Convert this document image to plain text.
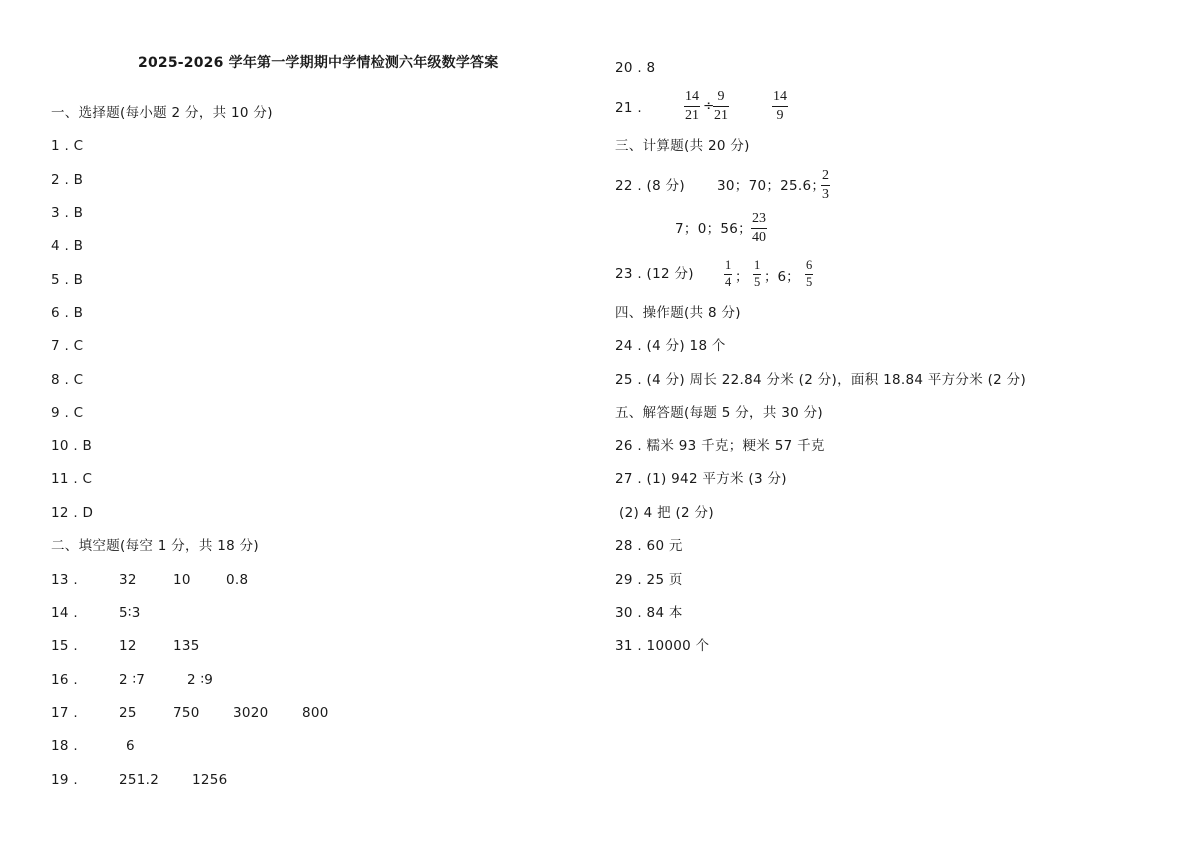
2025-2026 学年第一学期期中学情检测六年级数学答案
一、选择题(每小题 2 分，共 10 分)
1 . C
2 . B
3 . B
4 . B
5 . B
6 . B
7 . C
8 . C
9 . C
10 . B
11 . C
12 . D
二、填空题(每空 1 分，共 18 分)
13 .	32	10	0.8
14 .	5∶3
15 .	12	135
16 .	2 ∶7	2 ∶9
17 .	25	750 3020 800
18 .	6
19 .	251.2 1256
20 . 8
21 .
14
21
÷
9
21
14
9
三、计算题(共 20 分)
22 . (8 分) 30；70；25.6；
2
3
7；0；56；
23
40
23 . (12 分)
1
4 ；
1
5 ；6；
6
5
四、操作题(共 8 分)
24 . (4 分) 18 个
25 . (4 分) 周长 22.84 分米 (2 分)，面积 18.84 平方分米 (2 分)
五、解答题(每题 5 分，共 30 分)
26 . 糯米 93 千克；粳米 57 千克
27 . (1) 942 平方米 (3 分)
(2) 4 把 (2 分)
28 . 60 元
29 . 25 页
30 . 84 本
31 . 10000 个
